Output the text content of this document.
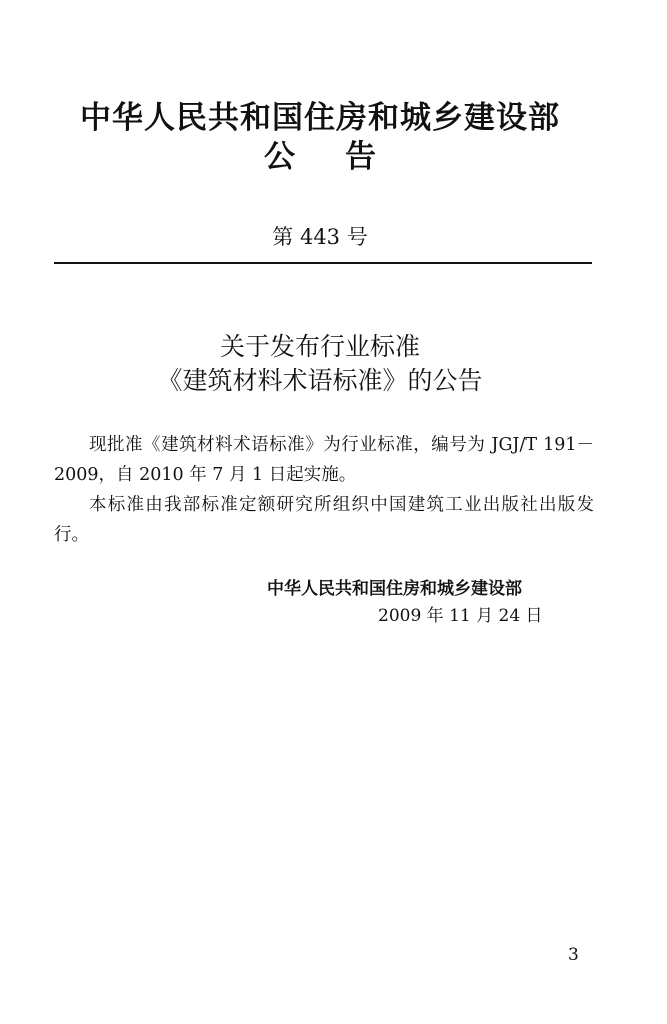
中华人民共和国住房和城乡建设部
公告
第 443 号
关于发布行业标准
《建筑材料术语标准》的公告

现批准《建筑材料术语标准》为行业标准，编号为 JGJ/T 191－2009，自 2010 年 7 月 1 日起实施。

本标准由我部标准定额研究所组织中国建筑工业出版社出版发行。

中华人民共和国住房和城乡建设部
2009 年 11 月 24 日
3
